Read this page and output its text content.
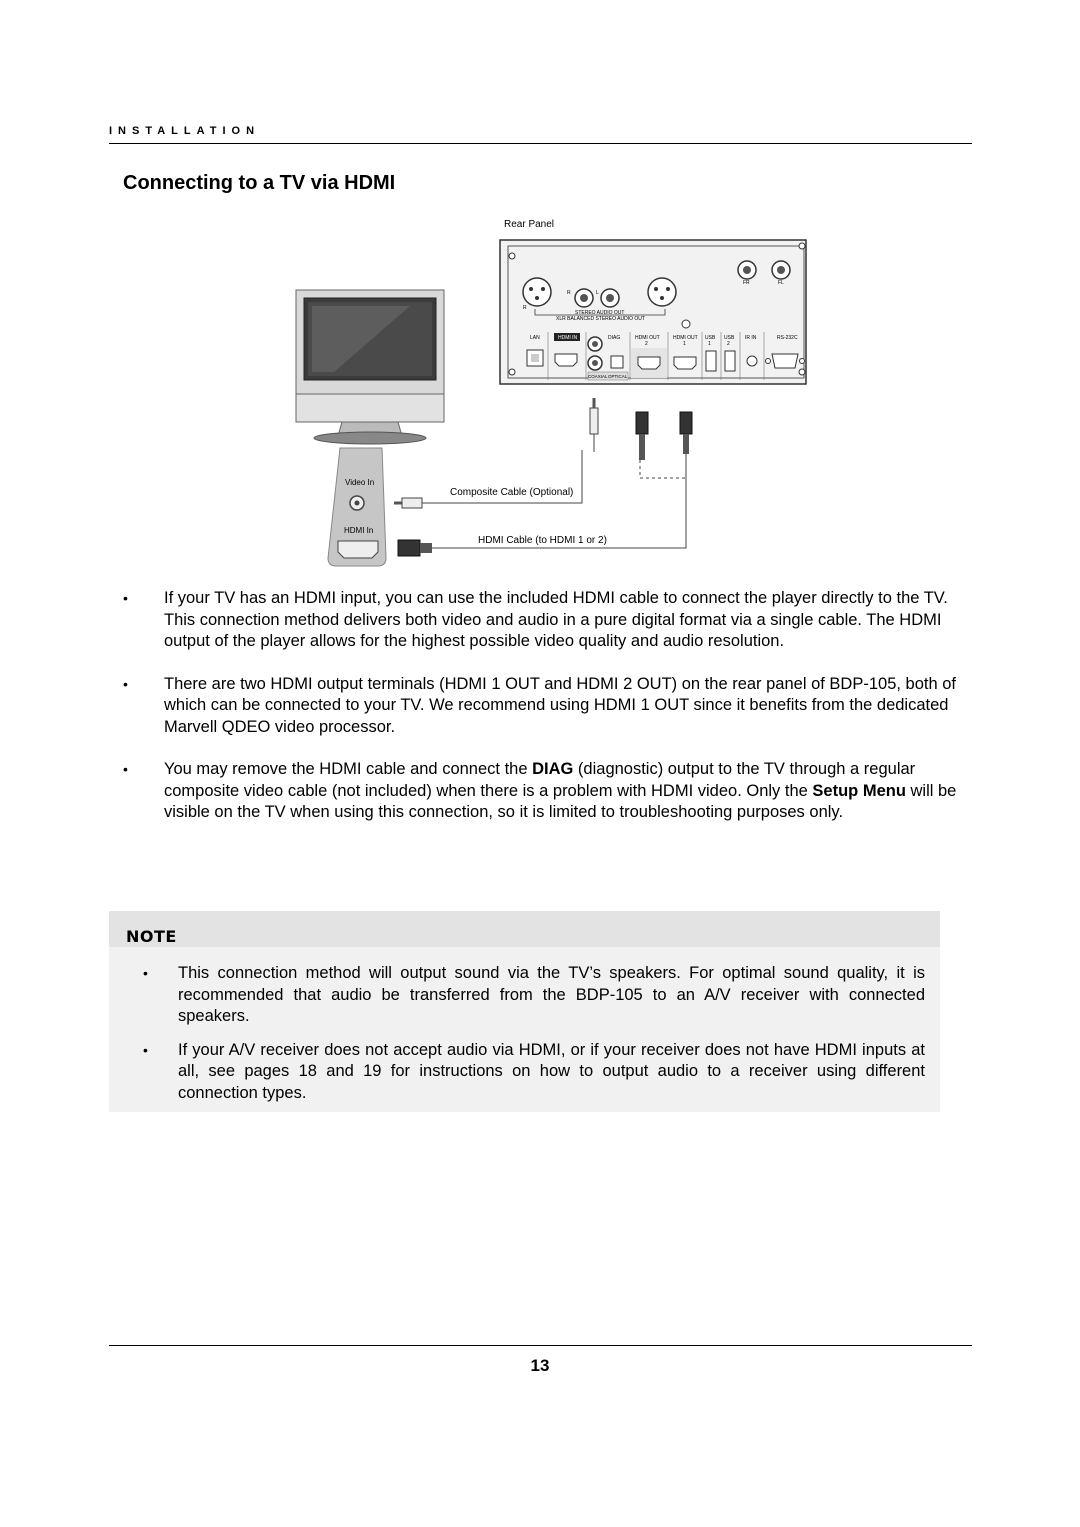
INSTALLATION
Connecting to a TV via HDMI
Rear Panel
FR	FL
R
R	L
STEREO AUDIO OUT
XLR BALANCED STEREO AUDIO OUT
LAN	HDMI IN	DIAG	HDMI OUT
2
HDMI OUT
1
USB
1
USB
2
IR IN	RS-232C
COAXIAL OPTICAL
Video In
HDMI In
Composite Cable (Optional)
HDMI Cable (to HDMI 1 or 2)
• If your TV has an HDMI input, you can use the included HDMI cable to connect the player directly to the TV. This connection method delivers both video and audio in a pure digital format via a single cable. The HDMI output of the player allows for the highest possible video quality and audio resolution.
• There are two HDMI output terminals (HDMI 1 OUT and HDMI 2 OUT) on the rear panel of BDP-105, both of which can be connected to your TV. We recommend using HDMI 1 OUT since it benefits from the dedicated Marvell QDEO video processor.
• You may remove the HDMI cable and connect the DIAG (diagnostic) output to the TV through a regular composite video cable (not included) when there is a problem with HDMI video. Only the Setup Menu will be visible on the TV when using this connection, so it is limited to troubleshooting purposes only.
NOTE
• This connection method will output sound via the TV’s speakers. For optimal sound quality, it is recommended that audio be transferred from the BDP-105 to an A/V receiver with connected speakers.
• If your A/V receiver does not accept audio via HDMI, or if your receiver does not have HDMI inputs at all, see pages 18 and 19 for instructions on how to output audio to a receiver using different connection types.
13
